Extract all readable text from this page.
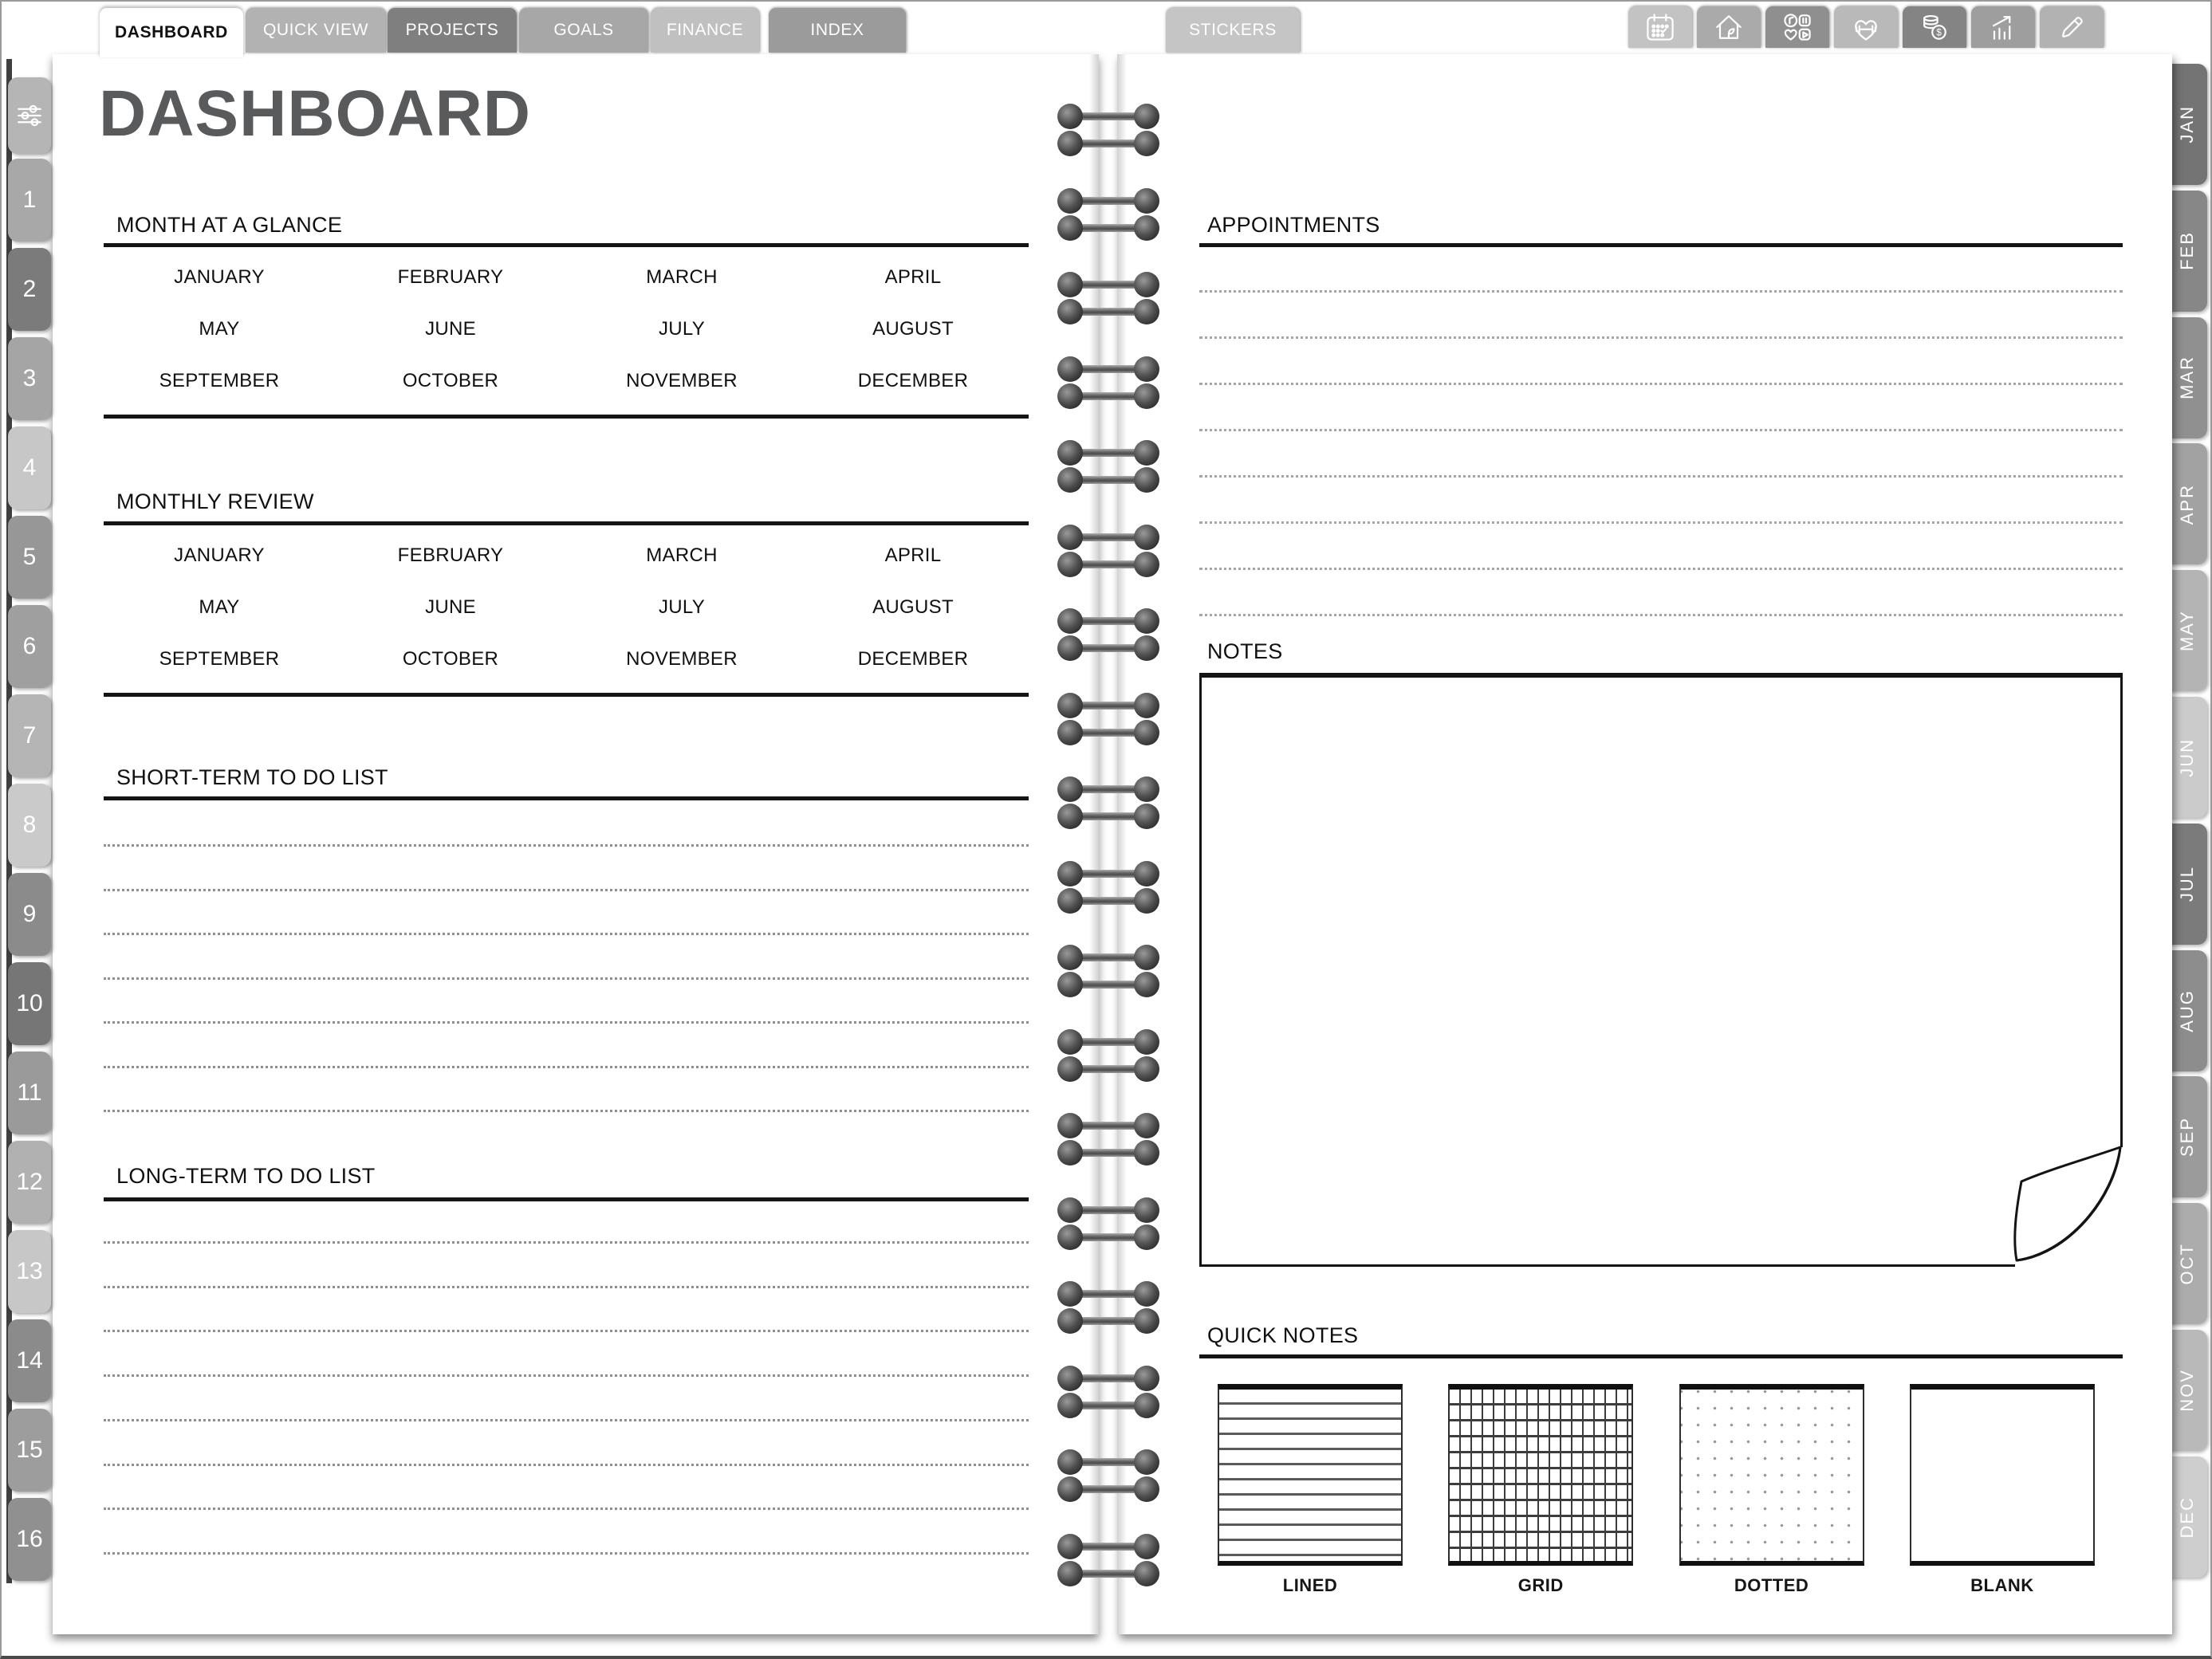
DASHBOARD
MONTH AT A GLANCE
JANUARY	FEBRUARY	MARCH	APRIL
MAY	JUNE	JULY	AUGUST
SEPTEMBER	OCTOBER	NOVEMBER	DECEMBER
MONTHLY REVIEW
JANUARY	FEBRUARY	MARCH	APRIL
MAY	JUNE	JULY	AUGUST
SEPTEMBER	OCTOBER	NOVEMBER	DECEMBER
SHORT-TERM TO DO LIST
LONG-TERM TO DO LIST
APPOINTMENTS
NOTES
QUICK NOTES
LINED	GRID	DOTTED	BLANK
DASHBOARD	QUICK VIEW	PROJECTS	GOALS	FINANCE	INDEX	STICKERS	$
1
2
3
4
5
6
7
8
9
10
11
12
13
14
15
16
JAN
FEB
MAR
APR
MAY
JUN
JUL
AUG
SEP
OCT
NOV
DEC
